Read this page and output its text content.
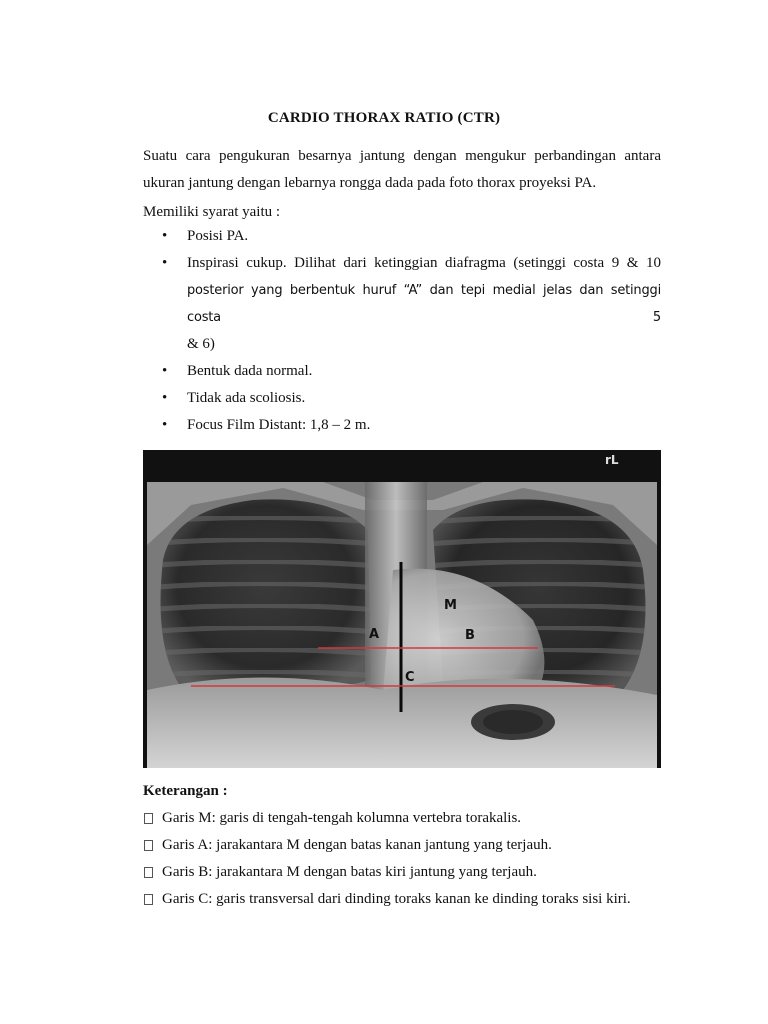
CARDIO THORAX RATIO (CTR)
Suatu cara pengukuran besarnya jantung dengan mengukur perbandingan antara
ukuran jantung dengan lebarnya rongga dada pada foto thorax proyeksi PA.
Memiliki syarat yaitu :
• Posisi PA.
• Inspirasi cukup. Dilihat dari ketinggian diafragma (setinggi costa 9 & 10
posterior yang berbentuk huruf “A” dan tepi medial jelas dan setinggi costa 5
& 6)
• Bentuk dada normal.
• Tidak ada scoliosis.
• Focus Film Distant: 1,8 – 2 m.
rL
M
A	B
C
Keterangan :
Garis M: garis di tengah-tengah kolumna vertebra torakalis.
Garis A: jarakantara M dengan batas kanan jantung yang terjauh.
Garis B: jarakantara M dengan batas kiri jantung yang terjauh.
Garis C: garis transversal dari dinding toraks kanan ke dinding toraks sisi kiri.
